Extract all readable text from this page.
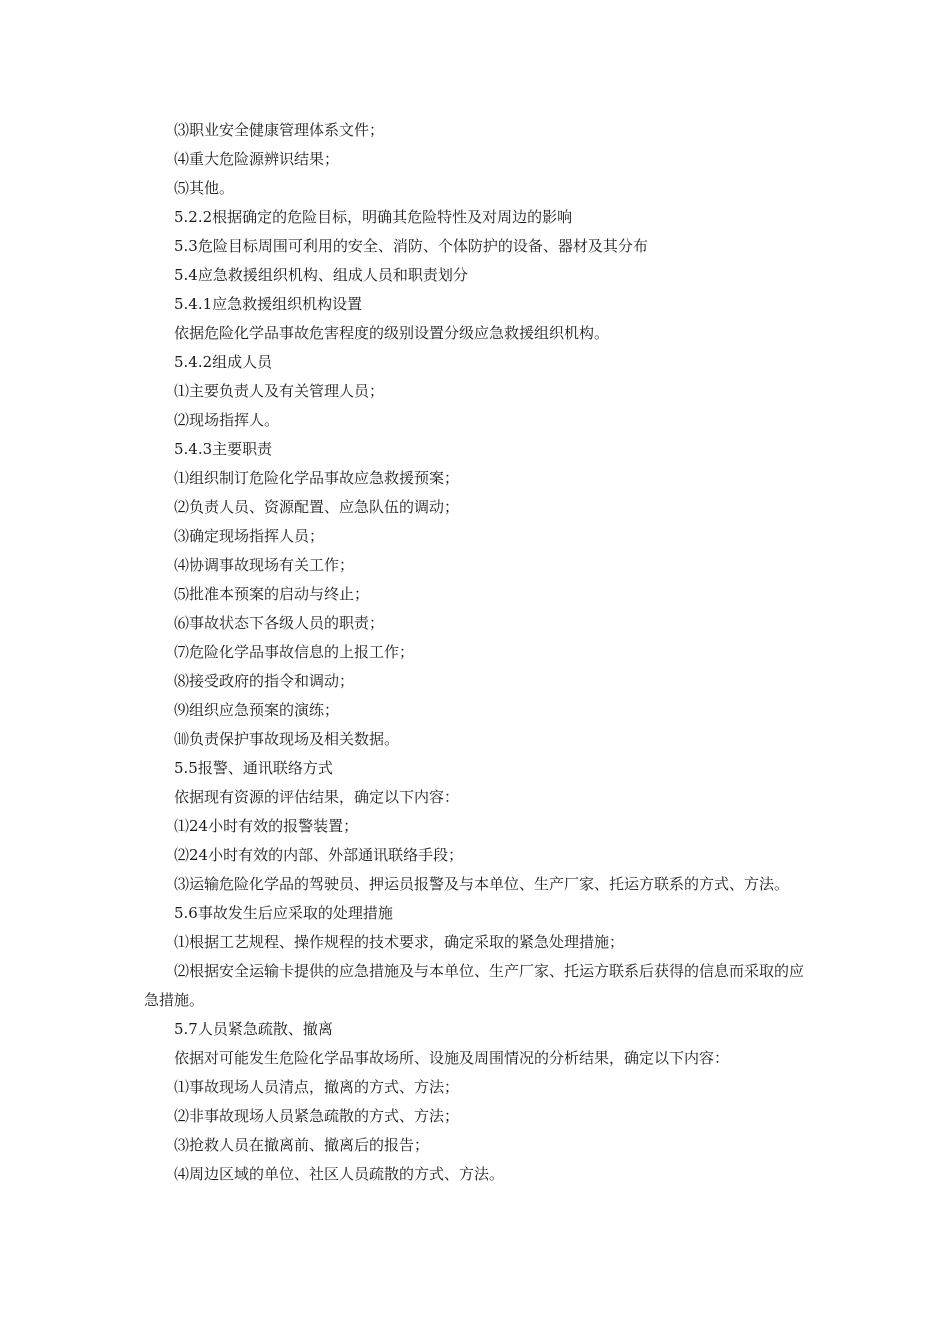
⑶职业安全健康管理体系文件；

⑷重大危险源辨识结果；

⑸其他。

5.2.2根据确定的危险目标，明确其危险特性及对周边的影响

5.3危险目标周围可利用的安全、消防、个体防护的设备、器材及其分布

5.4应急救援组织机构、组成人员和职责划分

5.4.1应急救援组织机构设置

依据危险化学品事故危害程度的级别设置分级应急救援组织机构。

5.4.2组成人员

⑴主要负责人及有关管理人员；

⑵现场指挥人。

5.4.3主要职责

⑴组织制订危险化学品事故应急救援预案；

⑵负责人员、资源配置、应急队伍的调动；

⑶确定现场指挥人员；

⑷协调事故现场有关工作；

⑸批准本预案的启动与终止；

⑹事故状态下各级人员的职责；

⑺危险化学品事故信息的上报工作；

⑻接受政府的指令和调动；

⑼组织应急预案的演练；

⑽负责保护事故现场及相关数据。

5.5报警、通讯联络方式

依据现有资源的评估结果，确定以下内容：

⑴24小时有效的报警装置；

⑵24小时有效的内部、外部通讯联络手段；

⑶运输危险化学品的驾驶员、押运员报警及与本单位、生产厂家、托运方联系的方式、方法。

5.6事故发生后应采取的处理措施

⑴根据工艺规程、操作规程的技术要求，确定采取的紧急处理措施；

⑵根据安全运输卡提供的应急措施及与本单位、生产厂家、托运方联系后获得的信息而采取的应急措施。

5.7人员紧急疏散、撤离

依据对可能发生危险化学品事故场所、设施及周围情况的分析结果，确定以下内容：

⑴事故现场人员清点，撤离的方式、方法；

⑵非事故现场人员紧急疏散的方式、方法；

⑶抢救人员在撤离前、撤离后的报告；

⑷周边区域的单位、社区人员疏散的方式、方法。
